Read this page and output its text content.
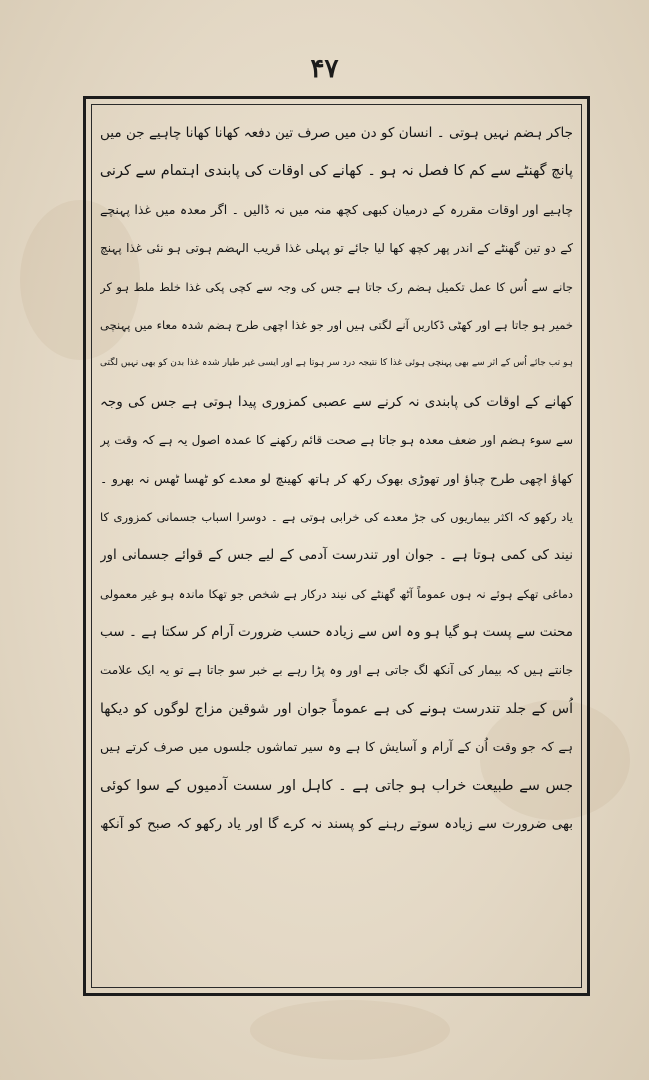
۴۷
جاکر ہضم نہیں ہوتی ۔ انسان کو دن میں صرف تین دفعہ کھانا کھانا چاہیے جن میں
پانچ گھنٹے سے کم کا فصل نہ ہو ۔ کھانے کی اوقات کی پابندی اہتمام سے کرنی
چاہیے اور اوقات مقررہ کے درمیان کبھی کچھ منہ میں نہ ڈالیں ۔ اگر معدہ میں غذا پہنچے
کے دو تین گھنٹے کے اندر پھر کچھ کھا لیا جائے تو پہلی غذا قریب الہضم ہوتی ہو نئی غذا پہنچ
جانے سے اُس کا عمل تکمیل ہضم رک جاتا ہے جس کی وجہ سے کچی پکی غذا خلط ملط ہو کر
خمیر ہو جاتا ہے اور کھٹی ڈکاریں آنے لگتی ہیں اور جو غذا اچھی طرح ہضم شدہ معاء میں پہنچی
ہو تب جائے اُس کے اثر سے بھی پہنچی ہوئی غذا کا نتیجہ درد سر ہوتا ہے اور ایسی غیر طیار شدہ غذا بدن کو بھی نہیں لگتی
کھانے کے اوقات کی پابندی نہ کرنے سے عصبی کمزوری پیدا ہوتی ہے جس کی وجہ
سے سوء ہضم اور ضعف معدہ ہو جاتا ہے صحت قائم رکھنے کا عمدہ اصول یہ ہے کہ وقت پر
کھاؤ اچھی طرح چباؤ اور تھوڑی بھوک رکھ کر ہاتھ کھینچ لو معدے کو ٹھسا ٹھس نہ بھرو ۔
یاد رکھو کہ اکثر بیماریوں کی جڑ معدے کی خرابی ہوتی ہے ۔ دوسرا اسباب جسمانی کمزوری کا
نیند کی کمی ہوتا ہے ۔ جوان اور تندرست آدمی کے لیے جس کے قوائے جسمانی اور
دماغی تھکے ہوئے نہ ہوں عموماً آٹھ گھنٹے کی نیند درکار ہے شخص جو تھکا ماندہ ہو غیر معمولی
محنت سے پست ہو گیا ہو وہ اس سے زیادہ حسب ضرورت آرام کر سکتا ہے ۔ سب
جانتے ہیں کہ بیمار کی آنکھ لگ جاتی ہے اور وہ پڑا رہے بے خبر سو جاتا ہے تو یہ ایک علامت
اُس کے جلد تندرست ہونے کی ہے عموماً جوان اور شوقین مزاج لوگوں کو دیکھا
ہے کہ جو وقت اُن کے آرام و آسایش کا ہے وہ سیر تماشوں جلسوں میں صرف کرتے ہیں
جس سے طبیعت خراب ہو جاتی ہے ۔ کاہل اور سست آدمیوں کے سوا کوئی
بھی ضرورت سے زیادہ سوتے رہنے کو پسند نہ کرے گا اور یاد رکھو کہ صبح کو آنکھ
